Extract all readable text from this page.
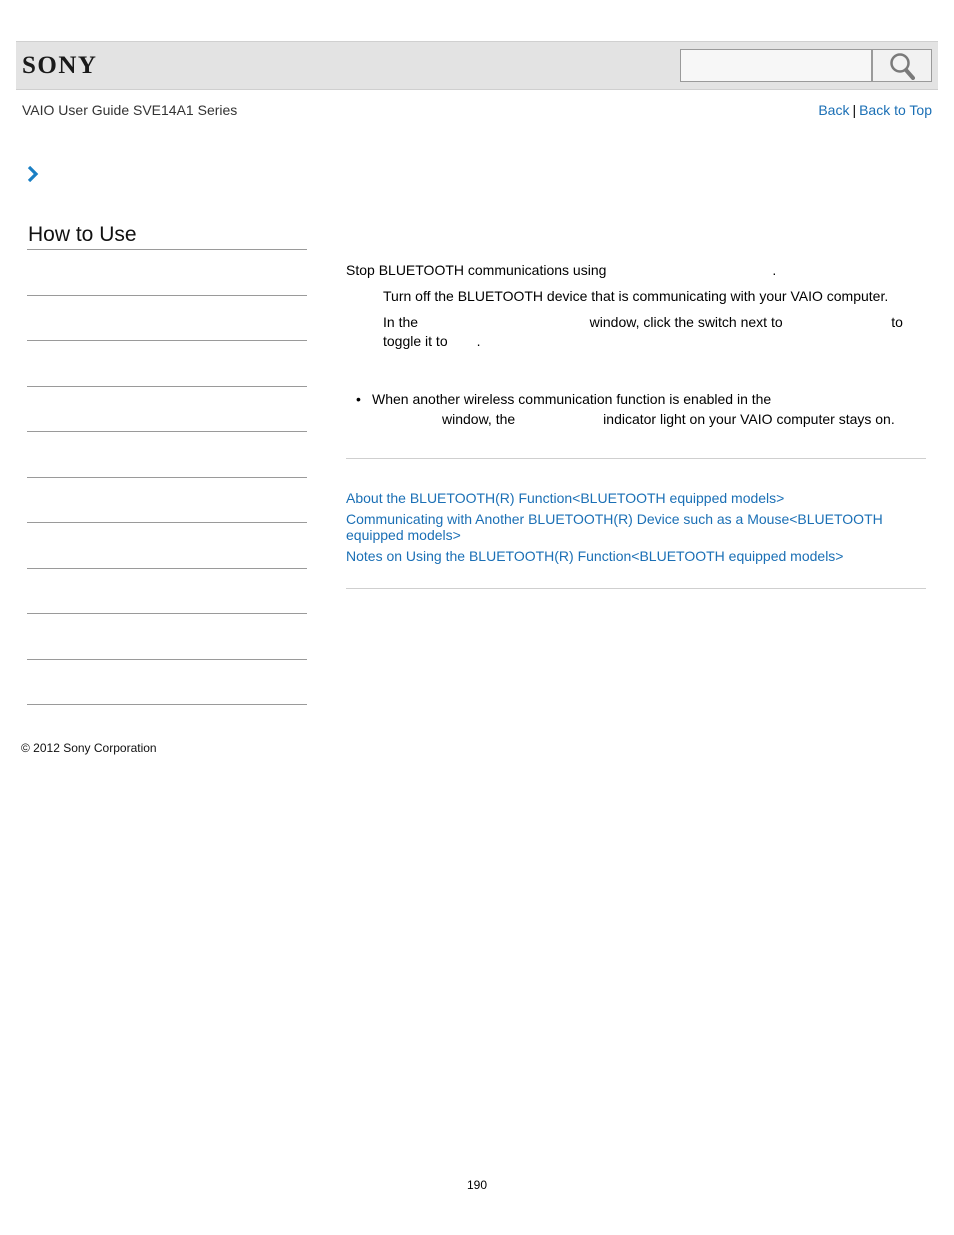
SONY
VAIO User Guide SVE14A1 Series	Back | Back to Top
How to Use
Stop BLUETOOTH communications using	.
Turn off the BLUETOOTH device that is communicating with your VAIO computer.
In the	window, click the switch next to	to
toggle it to .
• When another wireless communication function is enabled in the
window, the	indicator light on your VAIO computer stays on.
About the BLUETOOTH(R) Function<BLUETOOTH equipped models>
Communicating with Another BLUETOOTH(R) Device such as a Mouse<BLUETOOTH equipped models>
Notes on Using the BLUETOOTH(R) Function<BLUETOOTH equipped models>
© 2012 Sony Corporation
190
